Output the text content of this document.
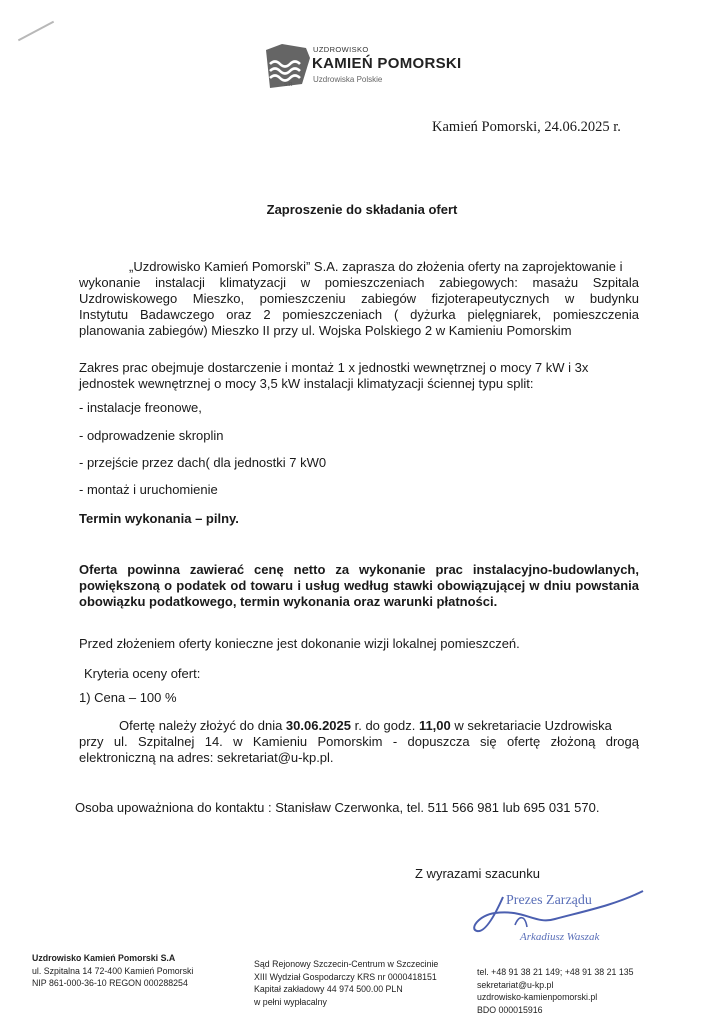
UZDROWISKO
KAMIEŃ POMORSKI
Uzdrowiska Polskie
SIR
Kamień Pomorski, 24.06.2025 r.
Zaproszenie do składania ofert
„Uzdrowisko Kamień Pomorski” S.A. zaprasza do złożenia oferty na zaprojektowanie i
wykonanie instalacji klimatyzacji w pomieszczeniach zabiegowych: masażu Szpitala
Uzdrowiskowego Mieszko, pomieszczeniu zabiegów fizjoterapeutycznych w budynku
Instytutu Badawczego oraz 2 pomieszczeniach ( dyżurka pielęgniarek, pomieszczenia
planowania zabiegów) Mieszko II przy ul. Wojska Polskiego 2 w Kamieniu Pomorskim
Zakres prac obejmuje dostarczenie i montaż 1 x jednostki wewnętrznej o mocy 7 kW i 3x
jednostek wewnętrznej o mocy 3,5 kW instalacji klimatyzacji ściennej typu split:
- instalacje freonowe,
- odprowadzenie skroplin
- przejście przez dach( dla jednostki 7 kW0
- montaż i uruchomienie
Termin wykonania – pilny.
Oferta powinna zawierać cenę netto za wykonanie prac instalacyjno-budowlanych,
powiększoną o podatek od towaru i usług według stawki obowiązującej w dniu powstania
obowiązku podatkowego, termin wykonania oraz warunki płatności.
Przed złożeniem oferty konieczne jest dokonanie wizji lokalnej pomieszczeń.
Kryteria oceny ofert:
1) Cena – 100 %
Ofertę należy złożyć do dnia 30.06.2025 r. do godz. 11,00 w sekretariacie Uzdrowiska
przy ul. Szpitalnej 14. w Kamieniu Pomorskim - dopuszcza się ofertę złożoną drogą
elektroniczną na adres: sekretariat@u-kp.pl.
Osoba upoważniona do kontaktu : Stanisław Czerwonka, tel. 511 566 981 lub 695 031 570.
Z wyrazami szacunku
Prezes Zarządu
Arkadiusz Waszak
Uzdrowisko Kamień Pomorski S.A
ul. Szpitalna 14 72-400 Kamień Pomorski
NIP 861-000-36-10 REGON 000288254
Sąd Rejonowy Szczecin-Centrum w Szczecinie
XIII Wydział Gospodarczy KRS nr 0000418151
Kapitał zakładowy 44 974 500.00 PLN
w pełni wypłacalny
tel. +48 91 38 21 149; +48 91 38 21 135
sekretariat@u-kp.pl
uzdrowisko-kamienpomorski.pl
BDO 000015916
